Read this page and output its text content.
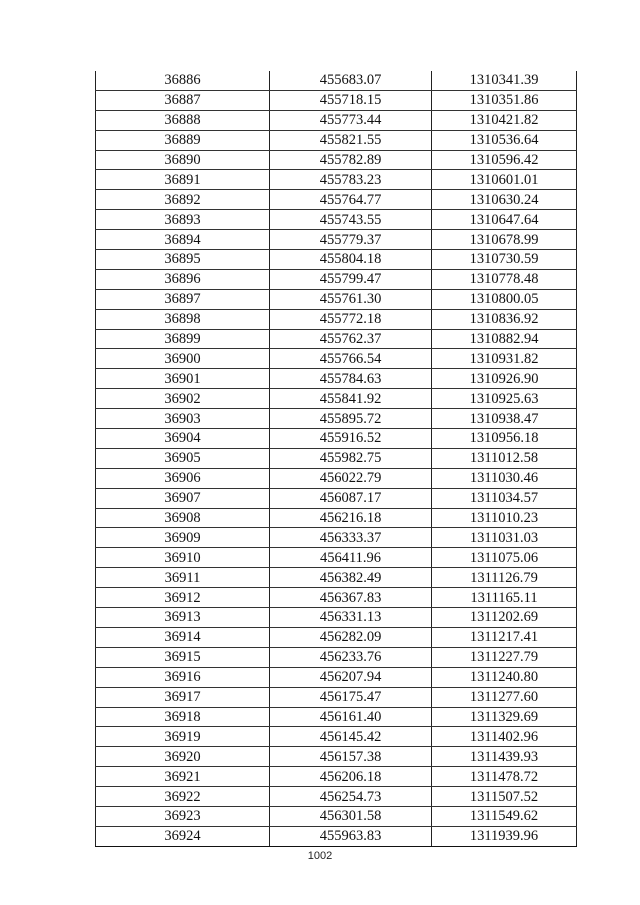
36886	455683.07	1310341.39
36887	455718.15	1310351.86
36888	455773.44	1310421.82
36889	455821.55	1310536.64
36890	455782.89	1310596.42
36891	455783.23	1310601.01
36892	455764.77	1310630.24
36893	455743.55	1310647.64
36894	455779.37	1310678.99
36895	455804.18	1310730.59
36896	455799.47	1310778.48
36897	455761.30	1310800.05
36898	455772.18	1310836.92
36899	455762.37	1310882.94
36900	455766.54	1310931.82
36901	455784.63	1310926.90
36902	455841.92	1310925.63
36903	455895.72	1310938.47
36904	455916.52	1310956.18
36905	455982.75	1311012.58
36906	456022.79	1311030.46
36907	456087.17	1311034.57
36908	456216.18	1311010.23
36909	456333.37	1311031.03
36910	456411.96	1311075.06
36911	456382.49	1311126.79
36912	456367.83	1311165.11
36913	456331.13	1311202.69
36914	456282.09	1311217.41
36915	456233.76	1311227.79
36916	456207.94	1311240.80
36917	456175.47	1311277.60
36918	456161.40	1311329.69
36919	456145.42	1311402.96
36920	456157.38	1311439.93
36921	456206.18	1311478.72
36922	456254.73	1311507.52
36923	456301.58	1311549.62
36924	455963.83	1311939.96
1002
